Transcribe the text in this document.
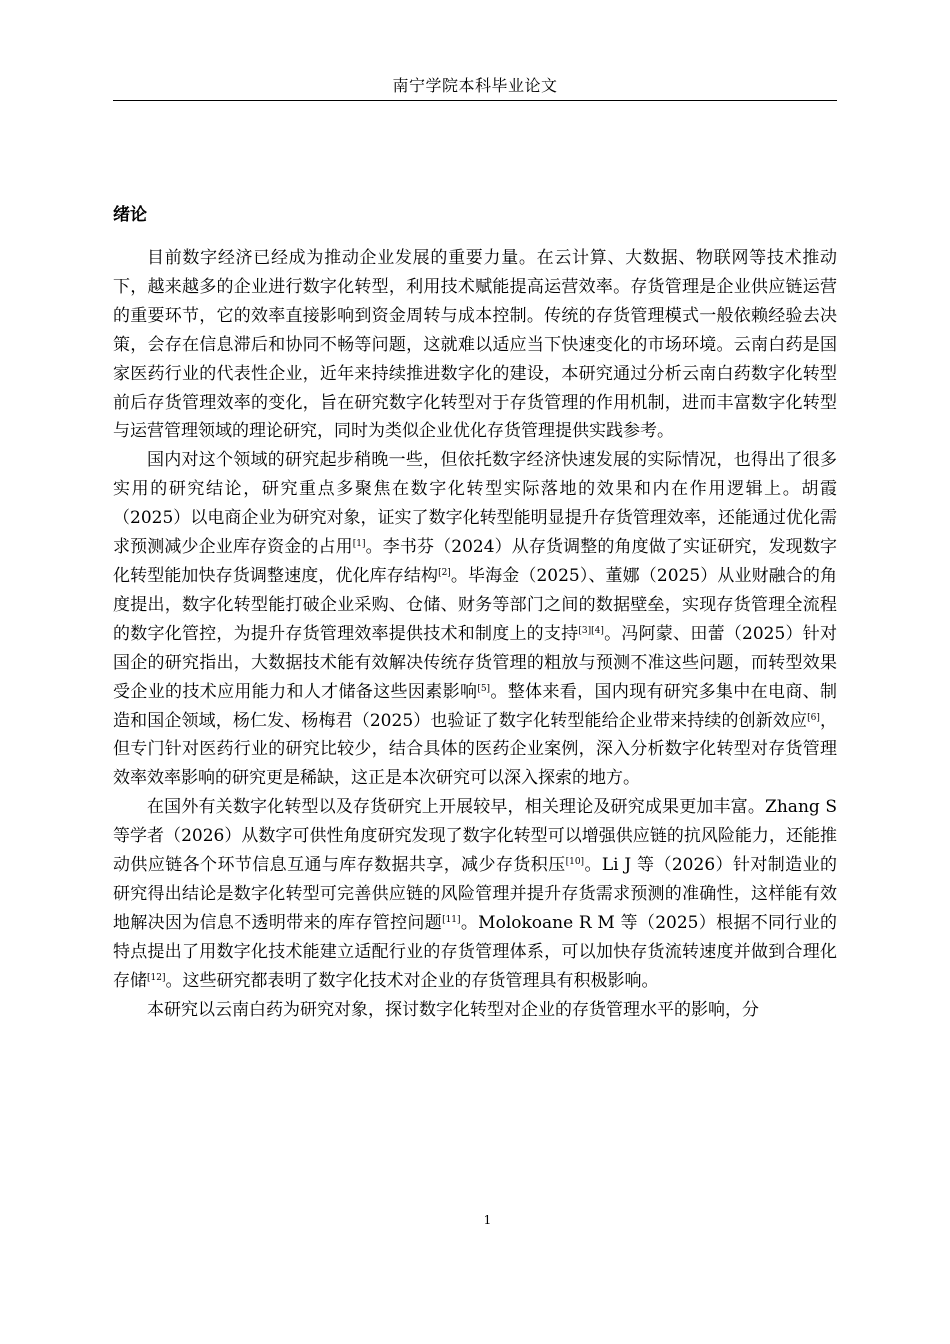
南宁学院本科毕业论文
绪论

目前数字经济已经成为推动企业发展的重要力量。在云计算、大数据、物联网等技术推动下，越来越多的企业进行数字化转型，利用技术赋能提高运营效率。存货管理是企业供应链运营的重要环节，它的效率直接影响到资金周转与成本控制。传统的存货管理模式一般依赖经验去决策，会存在信息滞后和协同不畅等问题，这就难以适应当下快速变化的市场环境。云南白药是国家医药行业的代表性企业，近年来持续推进数字化的建设，本研究通过分析云南白药数字化转型前后存货管理效率的变化，旨在研究数字化转型对于存货管理的作用机制，进而丰富数字化转型与运营管理领域的理论研究，同时为类似企业优化存货管理提供实践参考。

国内对这个领域的研究起步稍晚一些，但依托数字经济快速发展的实际情况，也得出了很多实用的研究结论，研究重点多聚焦在数字化转型实际落地的效果和内在作用逻辑上。胡霞（2025）以电商企业为研究对象，证实了数字化转型能明显提升存货管理效率，还能通过优化需求预测减少企业库存资金的占用[1]。李书芬（2024）从存货调整的角度做了实证研究，发现数字化转型能加快存货调整速度，优化库存结构[2]。毕海金（2025）、董娜（2025）从业财融合的角度提出，数字化转型能打破企业采购、仓储、财务等部门之间的数据壁垒，实现存货管理全流程的数字化管控，为提升存货管理效率提供技术和制度上的支持[3][4]。冯阿蒙、田蕾（2025）针对国企的研究指出，大数据技术能有效解决传统存货管理的粗放与预测不准这些问题，而转型效果受企业的技术应用能力和人才储备这些因素影响[5]。整体来看，国内现有研究多集中在电商、制造和国企领域，杨仁发、杨梅君（2025）也验证了数字化转型能给企业带来持续的创新效应[6]，但专门针对医药行业的研究比较少，结合具体的医药企业案例，深入分析数字化转型对存货管理效率效率影响的研究更是稀缺，这正是本次研究可以深入探索的地方。

在国外有关数字化转型以及存货研究上开展较早，相关理论及研究成果更加丰富。Zhang S 等学者（2026）从数字可供性角度研究发现了数字化转型可以增强供应链的抗风险能力，还能推动供应链各个环节信息互通与库存数据共享，减少存货积压[10]。Li J 等（2026）针对制造业的研究得出结论是数字化转型可完善供应链的风险管理并提升存货需求预测的准确性，这样能有效地解决因为信息不透明带来的库存管控问题[11]。Molokoane R M 等（2025）根据不同行业的特点提出了用数字化技术能建立适配行业的存货管理体系，可以加快存货流转速度并做到合理化存储[12]。这些研究都表明了数字化技术对企业的存货管理具有积极影响。

本研究以云南白药为研究对象，探讨数字化转型对企业的存货管理水平的影响，分

1
